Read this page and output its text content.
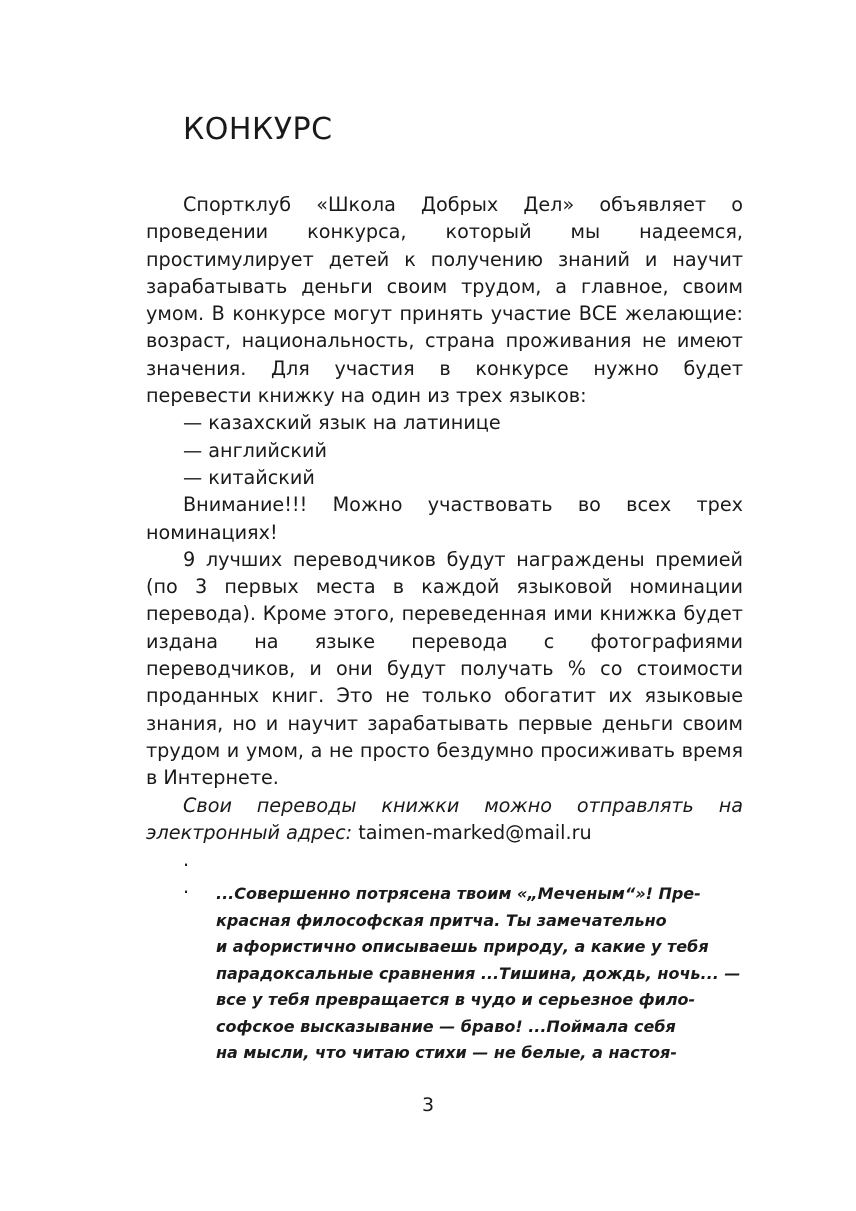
КОНКУРС

Спортклуб «Школа Добрых Дел» объявляет о проведении конкурса, который мы надеемся, простимулирует детей к получению знаний и научит зарабатывать деньги своим трудом, а главное, своим умом. В конкурсе могут принять участие ВСЕ желающие: возраст, национальность, страна проживания не имеют значения. Для участия в конкурсе нужно будет перевести книжку на один из трех языков:

— казахский язык на латинице

— английский

— китайский

Внимание!!! Можно участвовать во всех трех номинациях!

9 лучших переводчиков будут награждены премией (по 3 первых места в каждой языковой номинации перевода). Кроме этого, переведенная ими книжка будет издана на языке перевода с фотографиями переводчиков, и они будут получать % со стоимости проданных книг. Это не только обогатит их языковые знания, но и научит зарабатывать первые деньги своим трудом и умом, а не просто бездумно просиживать время в Интернете.

Свои переводы книжки можно отправлять на электронный адрес: taimen-marked@mail.ru

.

.	...Совершенно потрясена твоим «„Меченым“»! Пре-

красная философская притча. Ты замечательно

и афористично описываешь природу, а какие у тебя

парадоксальные сравнения ...Тишина, дождь, ночь... —

все у тебя превращается в чудо и серьезное фило-

софское высказывание — браво! ...Поймала себя

на мысли, что читаю стихи — не белые, а настоя-

3
